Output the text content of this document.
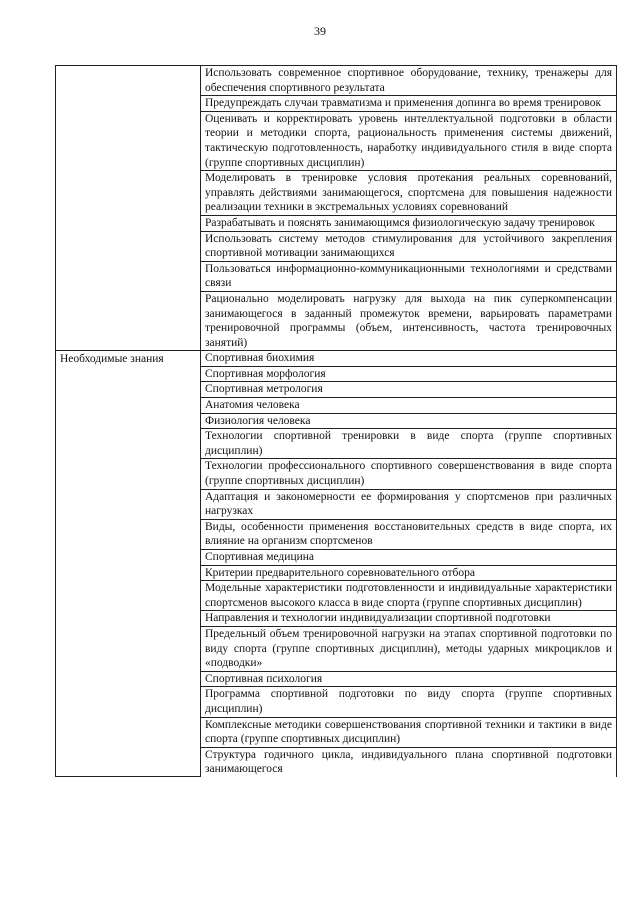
39
	Использовать современное спортивное оборудование, технику, тренажеры для обеспечения спортивного результата
	Предупреждать случаи травматизма и применения допинга во время тренировок
	Оценивать и корректировать уровень интеллектуальной подготовки в области теории и методики спорта, рациональность применения системы движений, тактическую подготовленность, наработку индивидуального стиля в виде спорта (группе спортивных дисциплин)
	Моделировать в тренировке условия протекания реальных соревнований, управлять действиями занимающегося, спортсмена для повышения надежности реализации техники в экстремальных условиях соревнований
	Разрабатывать и пояснять занимающимся физиологическую задачу тренировок
	Использовать систему методов стимулирования для устойчивого закрепления спортивной мотивации занимающихся
	Пользоваться информационно-коммуникационными технологиями и средствами связи
	Рационально моделировать нагрузку для выхода на пик суперкомпенсации занимающегося в заданный промежуток времени, варьировать параметрами тренировочной программы (объем, интенсивность, частота тренировочных занятий)
Необходимые знания	Спортивная биохимия
	Спортивная морфология
	Спортивная метрология
	Анатомия человека
	Физиология человека
	Технологии спортивной тренировки в виде спорта (группе спортивных дисциплин)
	Технологии профессионального спортивного совершенствования в виде спорта (группе спортивных дисциплин)
	Адаптация и закономерности ее формирования у спортсменов при различных нагрузках
	Виды, особенности применения восстановительных средств в виде спорта, их влияние на организм спортсменов
	Спортивная медицина
	Критерии предварительного соревновательного отбора
	Модельные характеристики подготовленности и индивидуальные характеристики спортсменов высокого класса в виде спорта (группе спортивных дисциплин)
	Направления и технологии индивидуализации спортивной подготовки
	Предельный объем тренировочной нагрузки на этапах спортивной подготовки по виду спорта (группе спортивных дисциплин), методы ударных микроциклов и «подводки»
	Спортивная психология
	Программа спортивной подготовки по виду спорта (группе спортивных дисциплин)
	Комплексные методики совершенствования спортивной техники и тактики в виде спорта (группе спортивных дисциплин)
	Структура годичного цикла, индивидуального плана спортивной подготовки занимающегося
